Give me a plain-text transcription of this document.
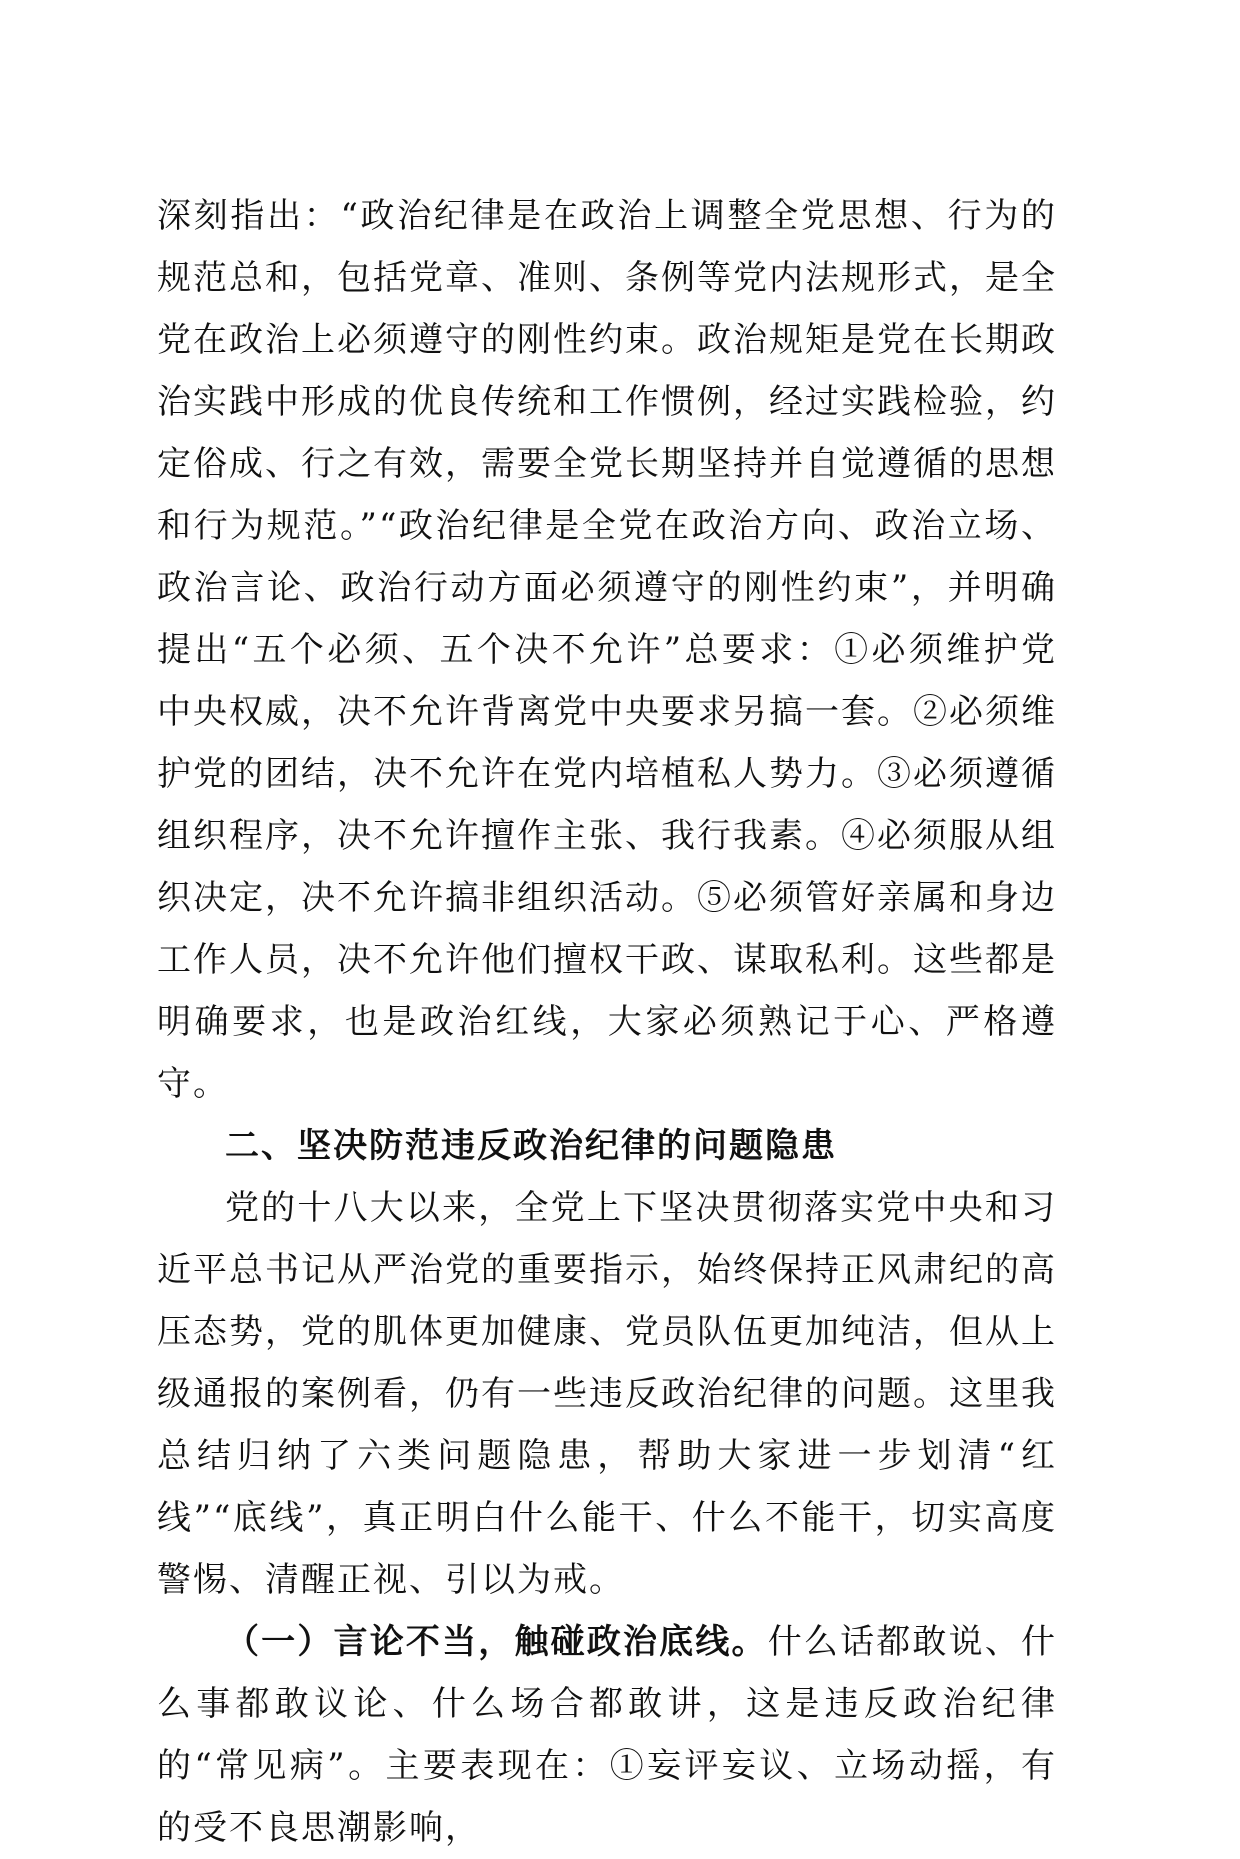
深刻指出：“政治纪律是在政治上调整全党思想、行为的规范总和，包括党章、准则、条例等党内法规形式，是全党在政治上必须遵守的刚性约束。政治规矩是党在长期政治实践中形成的优良传统和工作惯例，经过实践检验，约定俗成、行之有效，需要全党长期坚持并自觉遵循的思想和行为规范。”“政治纪律是全党在政治方向、政治立场、政治言论、政治行动方面必须遵守的刚性约束”，并明确提出“五个必须、五个决不允许”总要求：①必须维护党中央权威，决不允许背离党中央要求另搞一套。②必须维护党的团结，决不允许在党内培植私人势力。③必须遵循组织程序，决不允许擅作主张、我行我素。④必须服从组织决定，决不允许搞非组织活动。⑤必须管好亲属和身边工作人员，决不允许他们擅权干政、谋取私利。这些都是明确要求，也是政治红线，大家必须熟记于心、严格遵守。

二、坚决防范违反政治纪律的问题隐患

党的十八大以来，全党上下坚决贯彻落实党中央和习近平总书记从严治党的重要指示，始终保持正风肃纪的高压态势，党的肌体更加健康、党员队伍更加纯洁，但从上级通报的案例看，仍有一些违反政治纪律的问题。这里我总结归纳了六类问题隐患，帮助大家进一步划清“红线”“底线”，真正明白什么能干、什么不能干，切实高度警惕、清醒正视、引以为戒。

（一）言论不当，触碰政治底线。什么话都敢说、什么事都敢议论、什么场合都敢讲，这是违反政治纪律的“常见病”。主要表现在：①妄评妄议、立场动摇，有的受不良思潮影响，
